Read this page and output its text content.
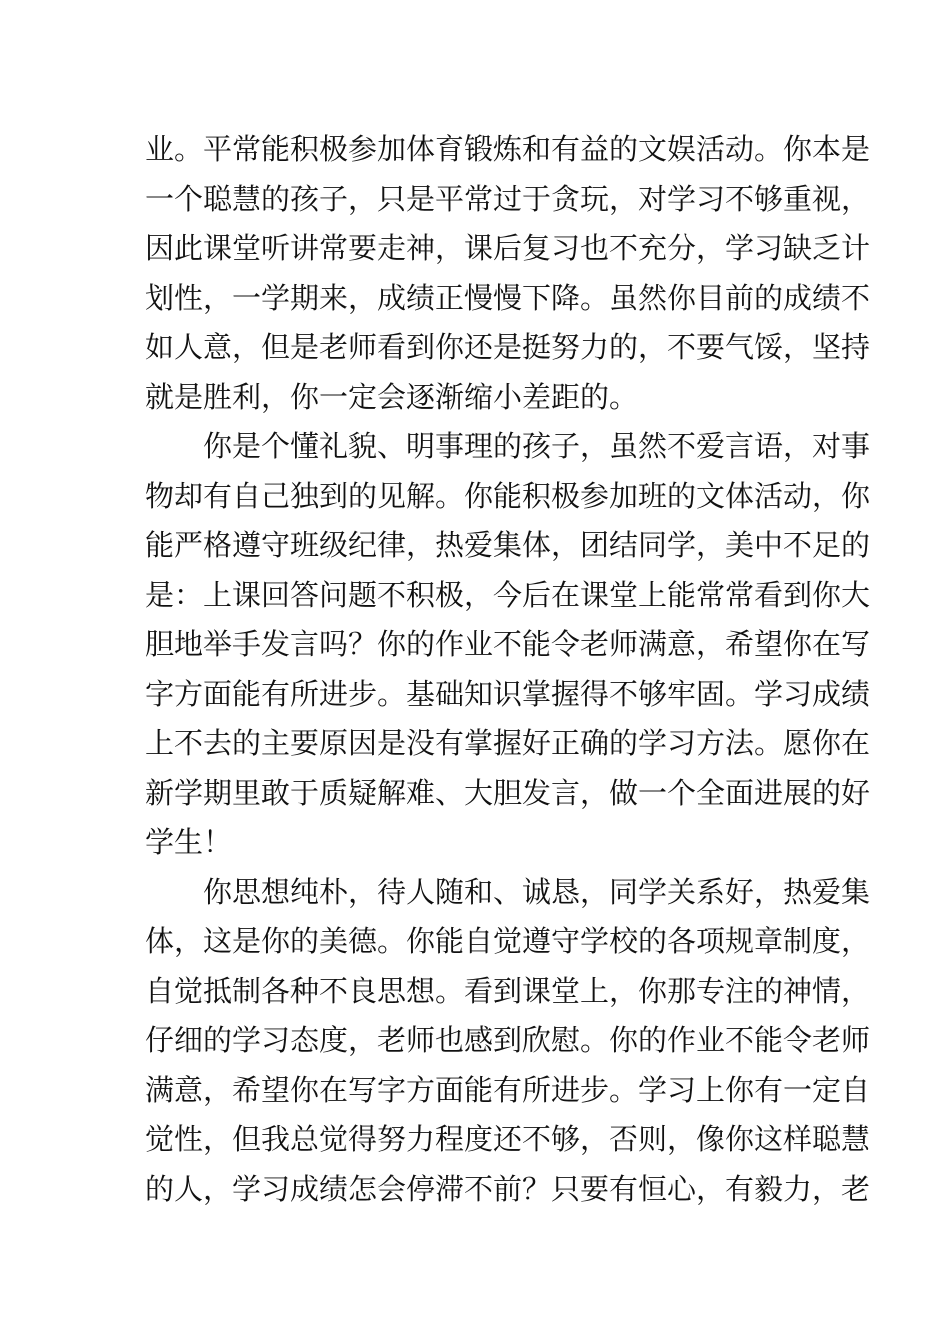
业。平常能积极参加体育锻炼和有益的文娱活动。你本是
一个聪慧的孩子，只是平常过于贪玩，对学习不够重视，
因此课堂听讲常要走神，课后复习也不充分，学习缺乏计
划性，一学期来，成绩正慢慢下降。虽然你目前的成绩不
如人意，但是老师看到你还是挺努力的，不要气馁，坚持
就是胜利，你一定会逐渐缩小差距的。
你是个懂礼貌、明事理的孩子，虽然不爱言语，对事
物却有自己独到的见解。你能积极参加班的文体活动，你
能严格遵守班级纪律，热爱集体，团结同学，美中不足的
是：上课回答问题不积极，今后在课堂上能常常看到你大
胆地举手发言吗？你的作业不能令老师满意，希望你在写
字方面能有所进步。基础知识掌握得不够牢固。学习成绩
上不去的主要原因是没有掌握好正确的学习方法。愿你在
新学期里敢于质疑解难、大胆发言，做一个全面进展的好
学生！
你思想纯朴，待人随和、诚恳，同学关系好，热爱集
体，这是你的美德。你能自觉遵守学校的各项规章制度，
自觉抵制各种不良思想。看到课堂上，你那专注的神情，
仔细的学习态度，老师也感到欣慰。你的作业不能令老师
满意，希望你在写字方面能有所进步。学习上你有一定自
觉性，但我总觉得努力程度还不够，否则，像你这样聪慧
的人，学习成绩怎会停滞不前？只要有恒心，有毅力，老
